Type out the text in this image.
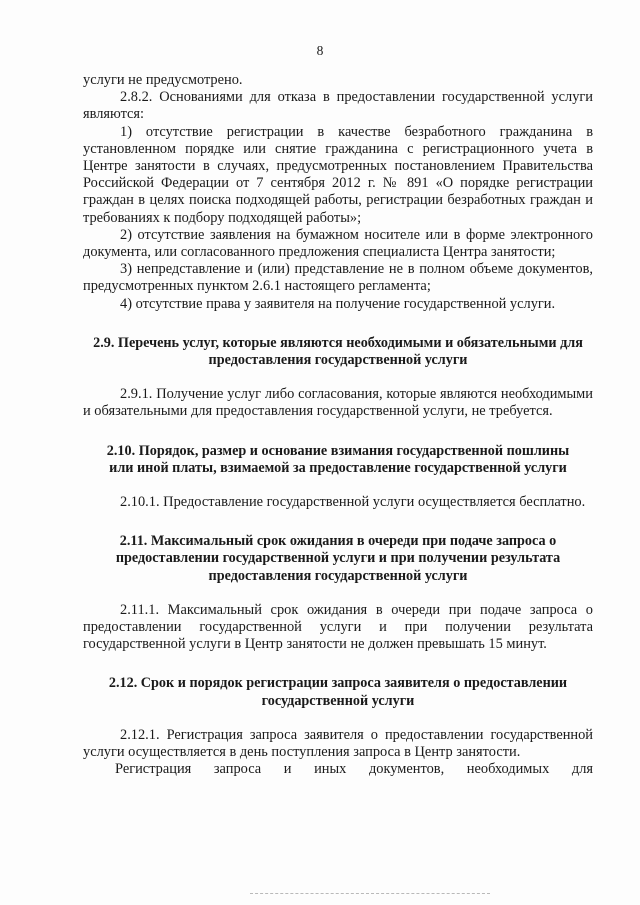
8

услуги не предусмотрено.

2.8.2. Основаниями для отказа в предоставлении государственной услуги являются:

1) отсутствие регистрации в качестве безработного гражданина в установленном порядке или снятие гражданина с регистрационного учета в Центре занятости в случаях, предусмотренных постановлением Правительства Российской Федерации от 7 сентября 2012 г. № 891 «О порядке регистрации граждан в целях поиска подходящей работы, регистрации безработных граждан и требованиях к подбору подходящей работы»;

2) отсутствие заявления на бумажном носителе или в форме электронного документа, или согласованного предложения специалиста Центра занятости;

3) непредставление и (или) представление не в полном объеме документов, предусмотренных пунктом 2.6.1 настоящего регламента;

4) отсутствие права у заявителя на получение государственной услуги.

2.9. Перечень услуг, которые являются необходимыми и обязательными для предоставления государственной услуги

2.9.1. Получение услуг либо согласования, которые являются необходимыми и обязательными для предоставления государственной услуги, не требуется.

2.10. Порядок, размер и основание взимания государственной пошлины или иной платы, взимаемой за предоставление государственной услуги

2.10.1. Предоставление государственной услуги осуществляется бесплатно.

2.11. Максимальный срок ожидания в очереди при подаче запроса о предоставлении государственной услуги и при получении результата предоставления государственной услуги

2.11.1. Максимальный срок ожидания в очереди при подаче запроса о предоставлении государственной услуги и при получении результата государственной услуги в Центр занятости не должен превышать 15 минут.

2.12. Срок и порядок регистрации запроса заявителя о предоставлении государственной услуги

2.12.1. Регистрация запроса заявителя о предоставлении государственной услуги осуществляется в день поступления запроса в Центр занятости.

Регистрация запроса и иных документов, необходимых для
